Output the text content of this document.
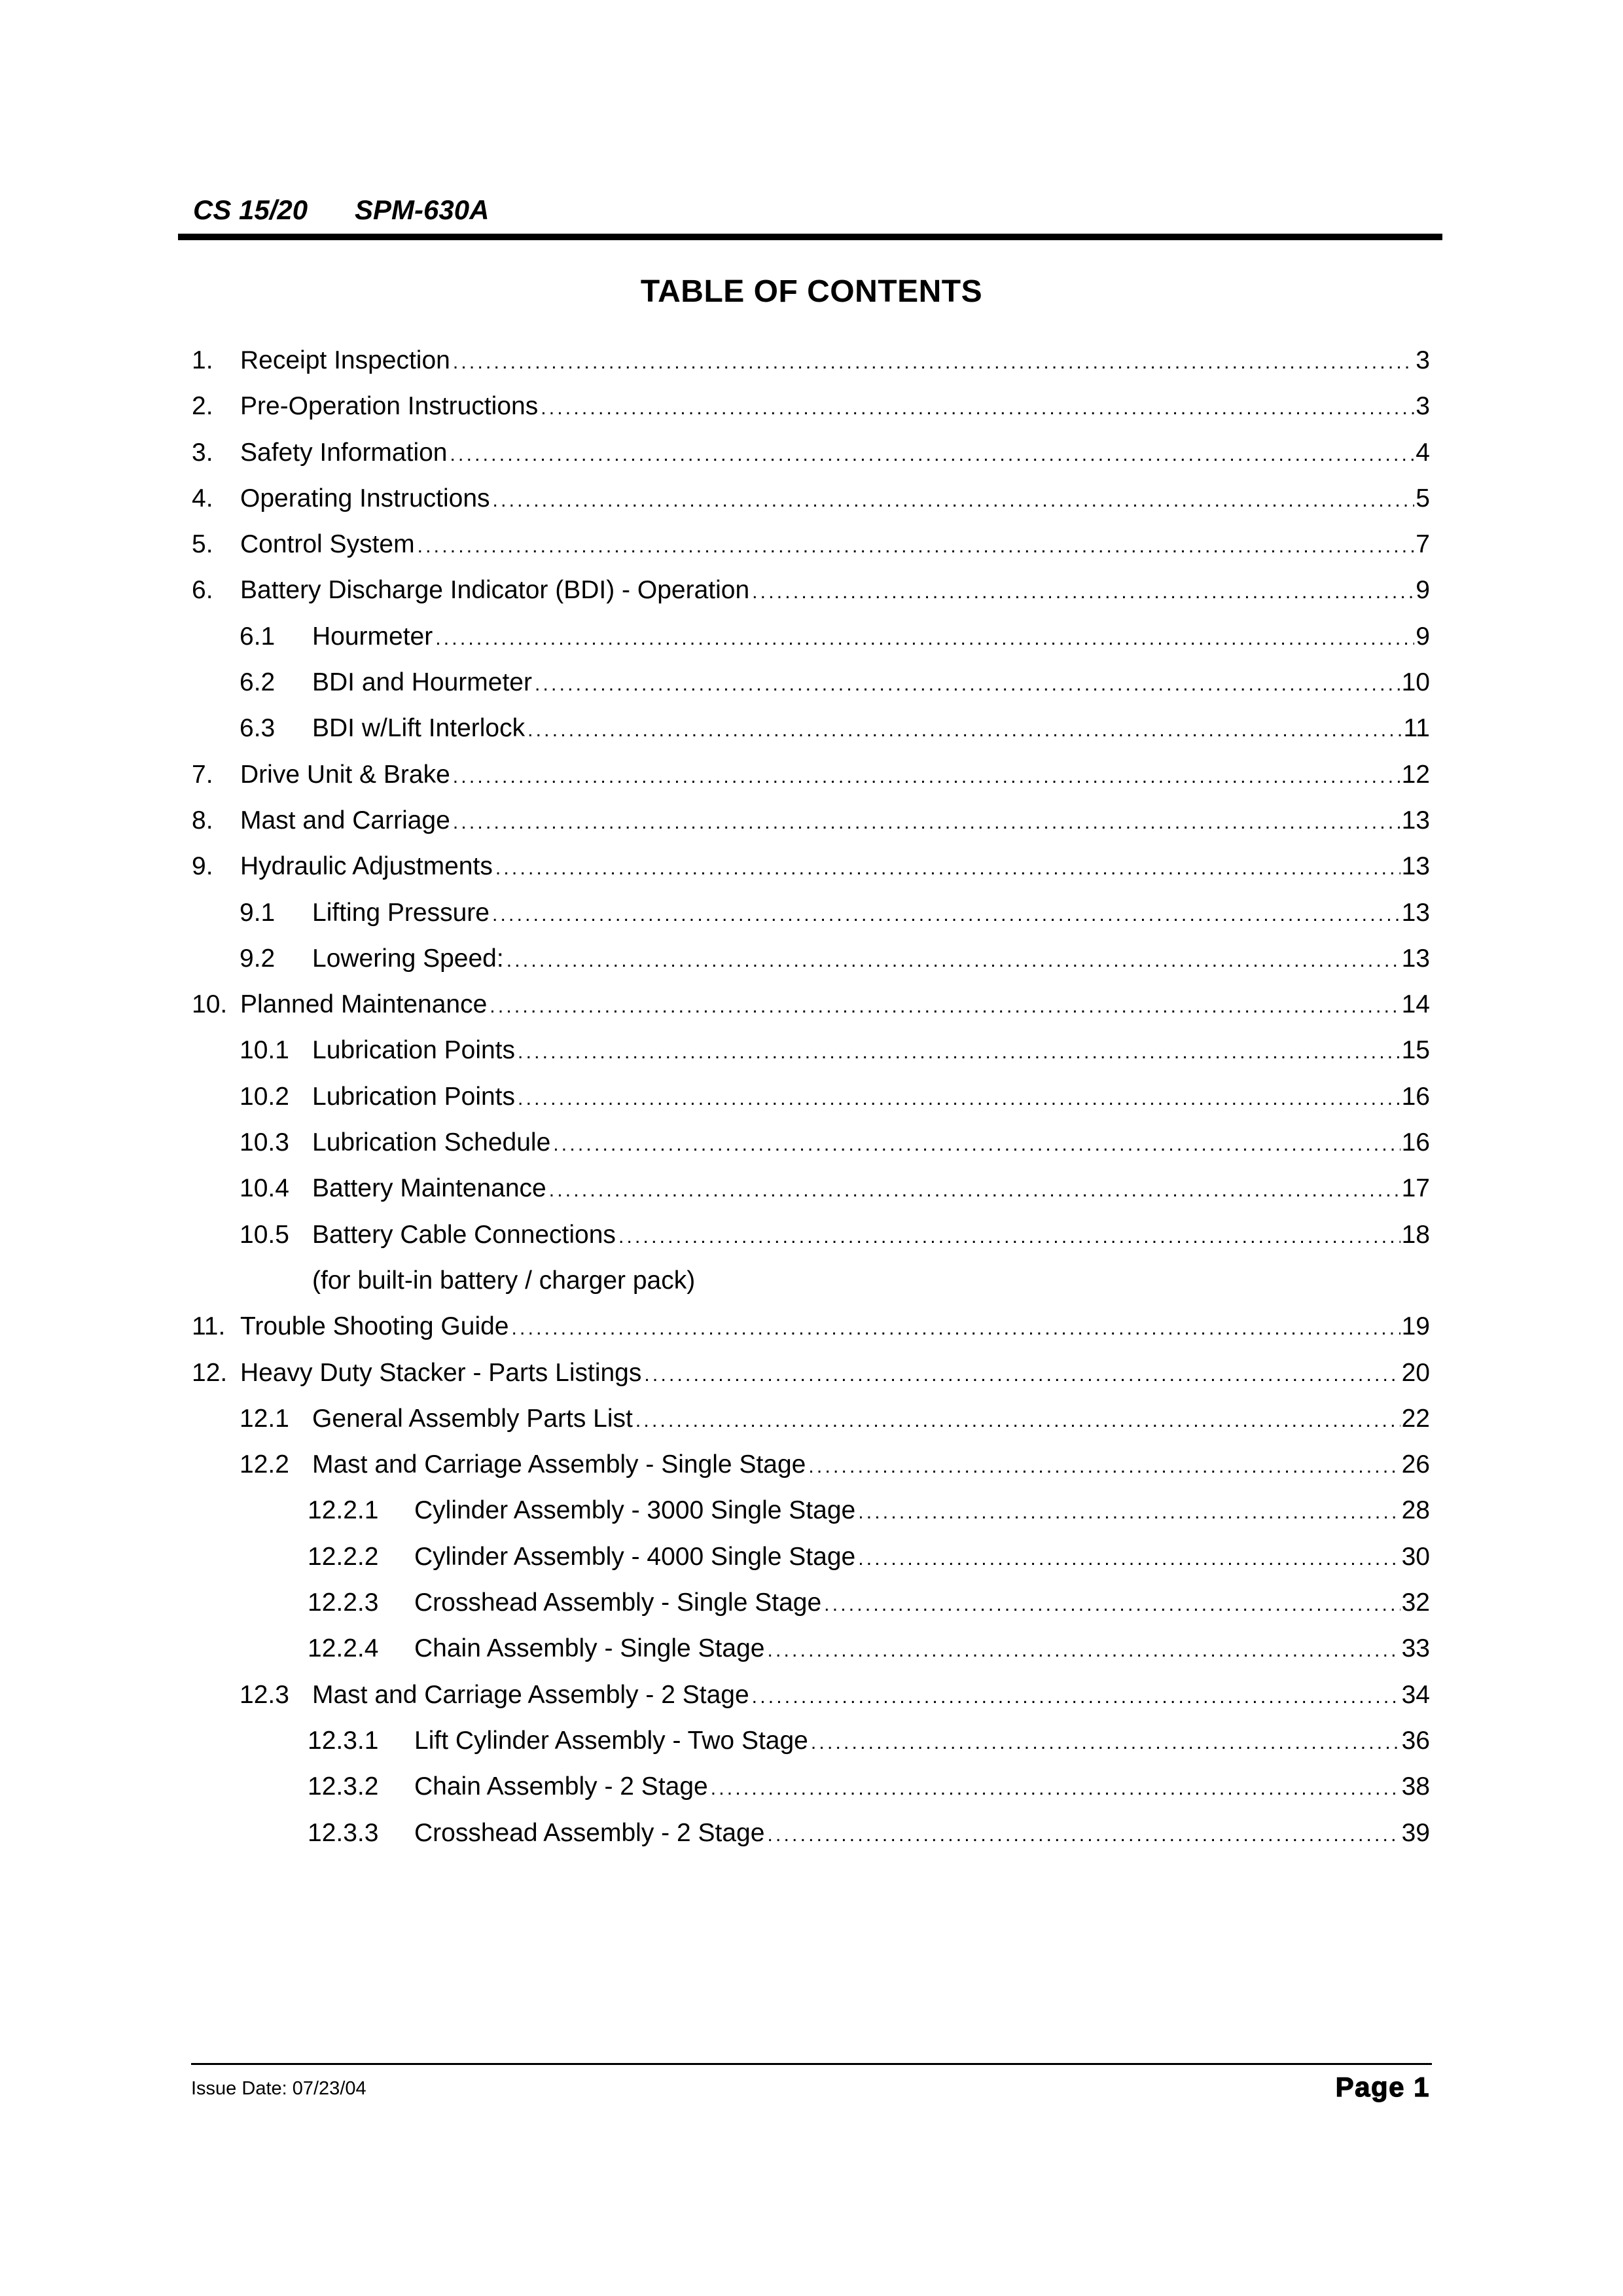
CS 15/20 SPM-630A
TABLE OF CONTENTS
1. Receipt Inspection .....	3
2. Pre-Operation Instructions .....	3
3. Safety Information .....	4
4. Operating Instructions .....	5
5. Control System .....	7
6. Battery Discharge Indicator (BDI) - Operation .....	9
6.1 Hourmeter .....	9
6.2 BDI and Hourmeter .....	10
6.3 BDI w/Lift Interlock .....	11
7. Drive Unit & Brake .....	12
8. Mast and Carriage .....	13
9. Hydraulic Adjustments .....	13
9.1 Lifting Pressure .....	13
9.2 Lowering Speed: .....	13
10. Planned Maintenance .....	14
10.1 Lubrication Points .....	15
10.2 Lubrication Points .....	16
10.3 Lubrication Schedule .....	16
10.4 Battery Maintenance .....	17
10.5 Battery Cable Connections .....	18
(for built-in battery / charger pack)
11. Trouble Shooting Guide .....	19
12. Heavy Duty Stacker - Parts Listings .....	20
12.1 General Assembly Parts List .....	22
12.2 Mast and Carriage Assembly - Single Stage .....	26
12.2.1 Cylinder Assembly - 3000 Single Stage .....	28
12.2.2 Cylinder Assembly - 4000 Single Stage .....	30
12.2.3 Crosshead Assembly - Single Stage .....	32
12.2.4 Chain Assembly - Single Stage .....	33
12.3 Mast and Carriage Assembly - 2 Stage .....	34
12.3.1 Lift Cylinder Assembly - Two Stage .....	36
12.3.2 Chain Assembly - 2 Stage .....	38
12.3.3 Crosshead Assembly - 2 Stage .....	39
Issue Date: 07/23/04	Page 1
